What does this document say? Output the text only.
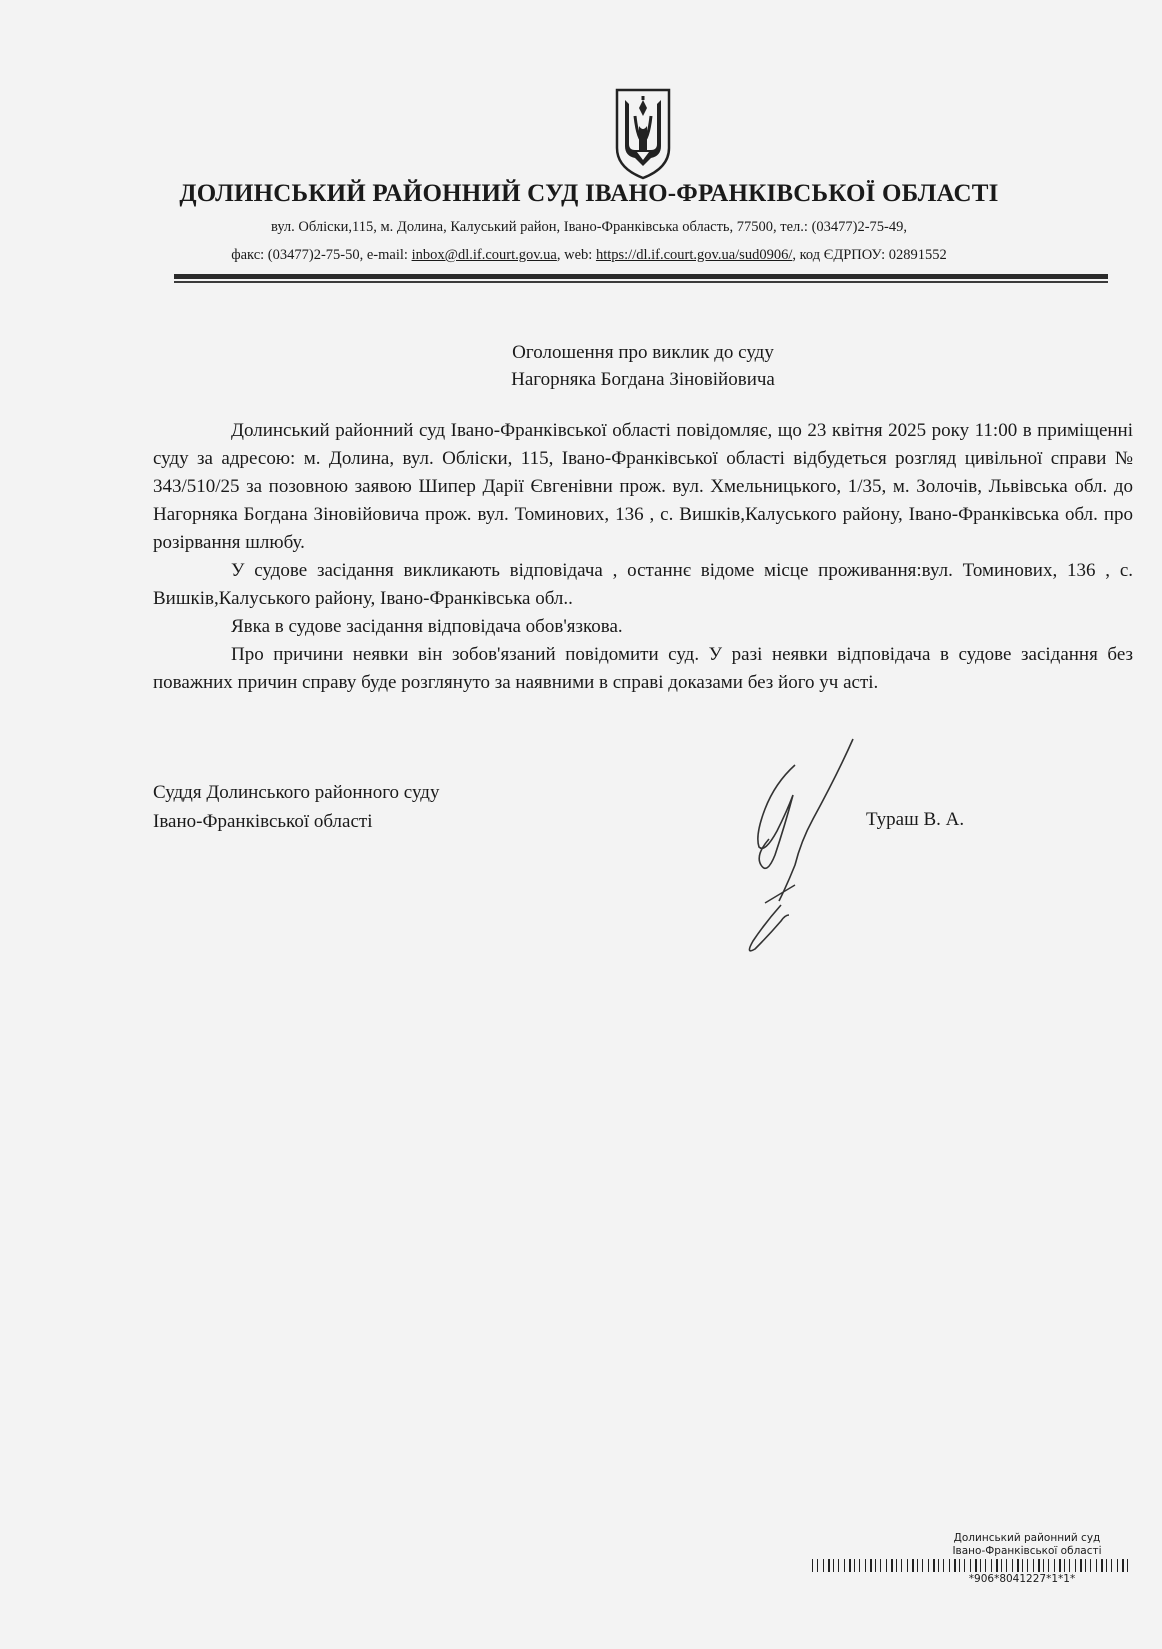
ДОЛИНСЬКИЙ РАЙОННИЙ СУД ІВАНО-ФРАНКІВСЬКОЇ ОБЛАСТІ
вул. Обліски,115, м. Долина, Калуський район, Івано-Франківська область, 77500, тел.: (03477)2-75-49,
факс: (03477)2-75-50, e-mail: inbox@dl.if.court.gov.ua, web: https://dl.if.court.gov.ua/sud0906/, код ЄДРПОУ: 02891552
Оголошення про виклик до суду
Нагорняка Богдана Зіновійовича

Долинський районний суд Івано-Франківської області повідомляє, що 23 квітня 2025 року 11:00 в приміщенні суду за адресою: м. Долина, вул. Обліски, 115, Івано-Франківської області відбудеться розгляд цивільної справи № 343/510/25 за позовною заявою Шипер Дарії Євгенівни прож. вул. Хмельницького, 1/35, м. Золочів, Львівська обл. до Нагорняка Богдана Зіновійовича прож. вул. Томинових, 136 , с. Вишків,Калуського району, Івано-Франківська обл. про розірвання шлюбу.

У судове засідання викликають відповідача , останнє відоме місце проживання:вул. Томинових, 136 , с. Вишків,Калуського району, Івано-Франківська обл..

Явка в судове засідання відповідача обов'язкова.

Про причини неявки він зобов'язаний повідомити суд. У разі неявки відповідача в судове засідання без поважних причин справу буде розглянуто за наявними в справі доказами без його уч асті.

Суддя Долинського районного суду
Івано-Франківської області	Тураш В. А.
Долинський районний суд
Івано-Франківської області
*906*8041227*1*1*
